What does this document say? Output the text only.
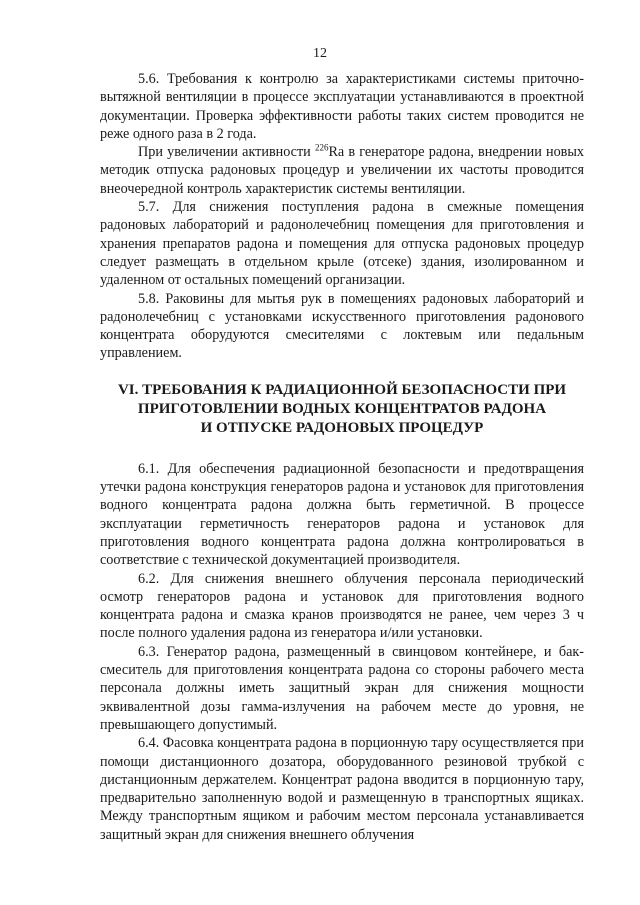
12

5.6. Требования к контролю за характеристиками системы приточно-вытяжной вентиляции в процессе эксплуатации устанавливаются в проектной документации. Проверка эффективности работы таких систем проводится не реже одного раза в 2 года.

При увеличении активности $^{226}$Ra в генераторе радона, внедрении новых методик отпуска радоновых процедур и увеличении их частоты проводится внеочередной контроль характеристик системы вентиляции.

5.7. Для снижения поступления радона в смежные помещения радоновых лабораторий и радонолечебниц помещения для приготовления и хранения препаратов радона и помещения для отпуска радоновых процедур следует размещать в отдельном крыле (отсеке) здания, изолированном и удаленном от остальных помещений организации.

5.8. Раковины для мытья рук в помещениях радоновых лабораторий и радонолечебниц с установками искусственного приготовления радонового концентрата оборудуются смесителями с локтевым или педальным управлением.

VI. ТРЕБОВАНИЯ К РАДИАЦИОННОЙ БЕЗОПАСНОСТИ ПРИ
ПРИГОТОВЛЕНИИ ВОДНЫХ КОНЦЕНТРАТОВ РАДОНА
И ОТПУСКЕ РАДОНОВЫХ ПРОЦЕДУР

6.1. Для обеспечения радиационной безопасности и предотвращения утечки радона конструкция генераторов радона и установок для приготовления водного концентрата радона должна быть герметичной. В процессе эксплуатации герметичность генераторов радона и установок для приготовления водного концентрата радона должна контролироваться в соответствие с технической документацией производителя.

6.2. Для снижения внешнего облучения персонала периодический осмотр генераторов радона и установок для приготовления водного концентрата радона и смазка кранов производятся не ранее, чем через 3 ч после полного удаления радона из генератора и/или установки.

6.3. Генератор радона, размещенный в свинцовом контейнере, и бак-смеситель для приготовления концентрата радона со стороны рабочего места персонала должны иметь защитный экран для снижения мощности эквивалентной дозы гамма-излучения на рабочем месте до уровня, не превышающего допустимый.

6.4. Фасовка концентрата радона в порционную тару осуществляется при помощи дистанционного дозатора, оборудованного резиновой трубкой с дистанционным держателем. Концентрат радона вводится в порционную тару, предварительно заполненную водой и размещенную в транспортных ящиках. Между транспортным ящиком и рабочим местом персонала устанавливается защитный экран для снижения внешнего облучения
